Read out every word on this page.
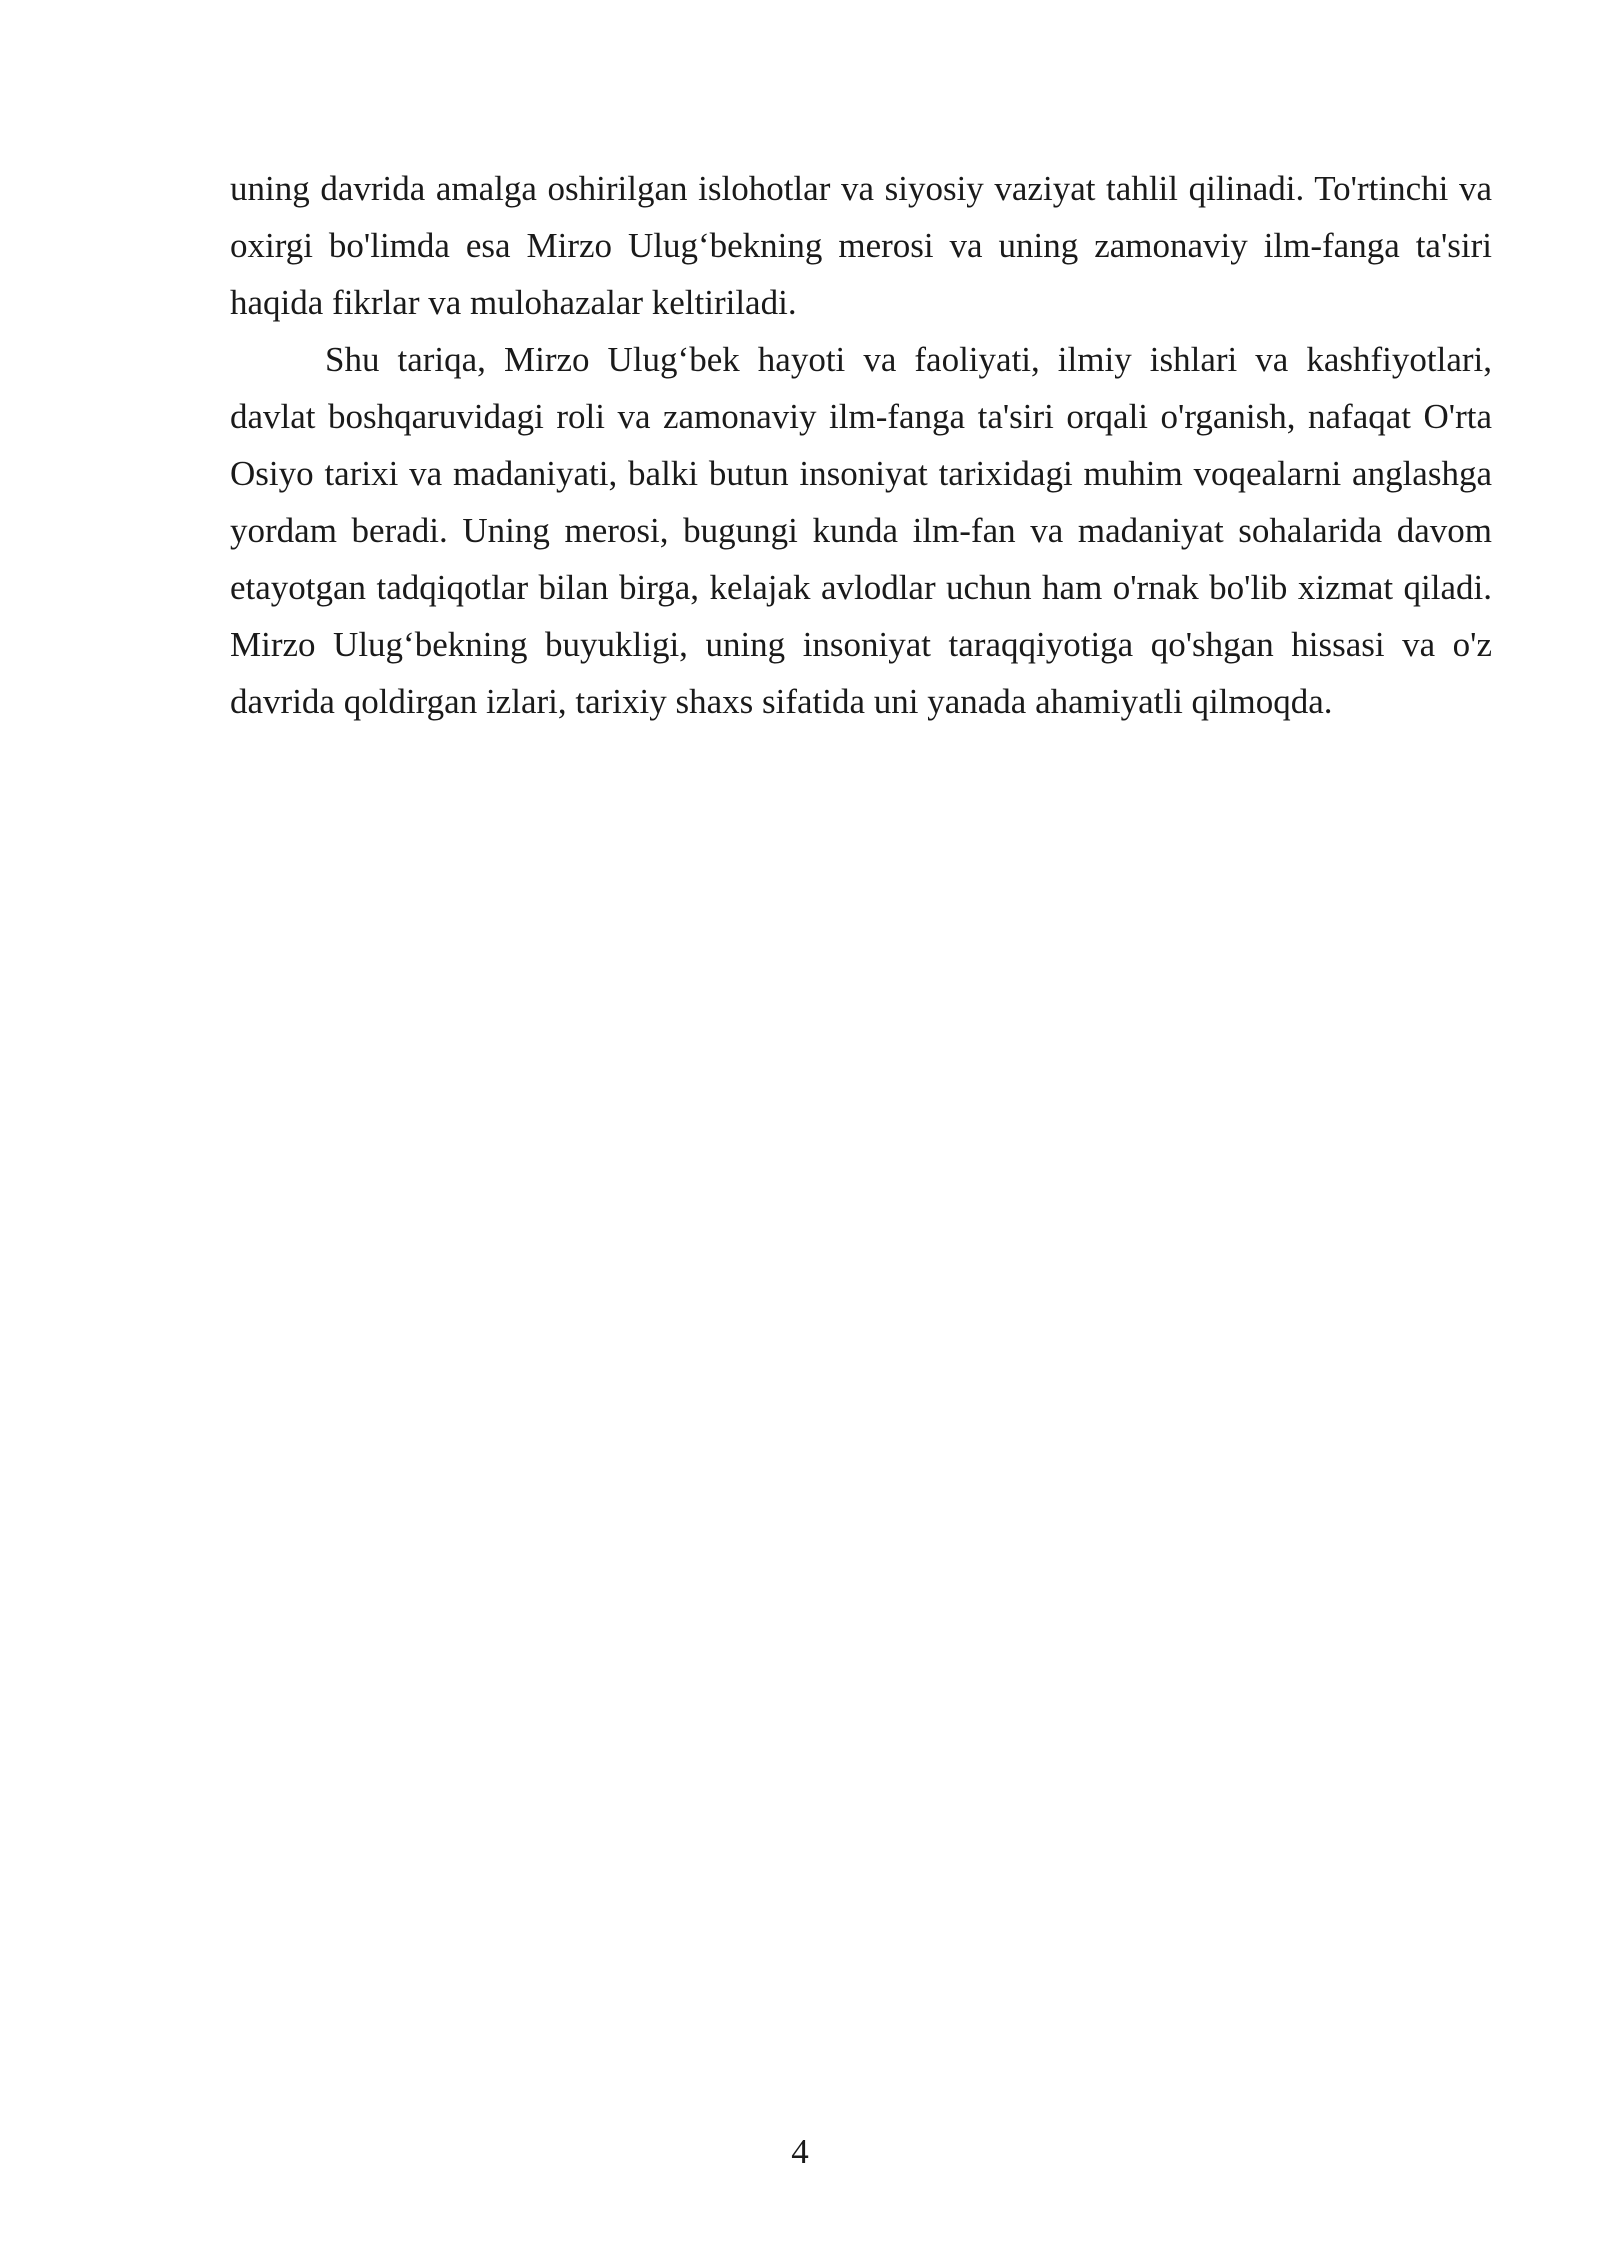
uning davrida amalga oshirilgan islohotlar va siyosiy vaziyat tahlil qilinadi. To'rtinchi va oxirgi bo'limda esa Mirzo Ulug‘bekning merosi va uning zamonaviy ilm-fanga ta'siri haqida fikrlar va mulohazalar keltiriladi.

Shu tariqa, Mirzo Ulug‘bek hayoti va faoliyati, ilmiy ishlari va kashfiyotlari, davlat boshqaruvidagi roli va zamonaviy ilm-fanga ta'siri orqali o'rganish, nafaqat O'rta Osiyo tarixi va madaniyati, balki butun insoniyat tarixidagi muhim voqealarni anglashga yordam beradi. Uning merosi, bugungi kunda ilm-fan va madaniyat sohalarida davom etayotgan tadqiqotlar bilan birga, kelajak avlodlar uchun ham o'rnak bo'lib xizmat qiladi. Mirzo Ulug‘bekning buyukligi, uning insoniyat taraqqiyotiga qo'shgan hissasi va o'z davrida qoldirgan izlari, tarixiy shaxs sifatida uni yanada ahamiyatli qilmoqda.

4
